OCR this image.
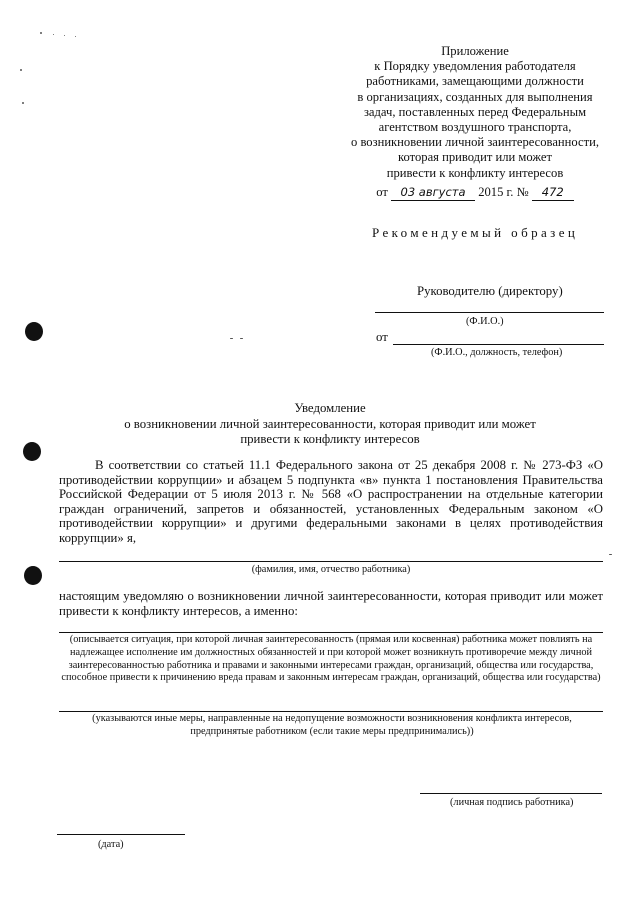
Приложение
к Порядку уведомления работодателя
работниками, замещающими должности
в организациях, созданных для выполнения
задач, поставленных перед Федеральным
агентством воздушного транспорта,
о возникновении личной заинтересованности,
которая приводит или может
привести к конфликту интересов
от 03 августа 2015 г. № 472
Рекомендуемый образец
Руководителю (директору)
(Ф.И.О.)
от
(Ф.И.О., должность, телефон)
Уведомление
о возникновении личной заинтересованности, которая приводит или может
привести к конфликту интересов
В соответствии со статьей 11.1 Федерального закона от 25 декабря 2008 г. № 273-ФЗ «О противодействии коррупции» и абзацем 5 подпункта «в» пункта 1 постановления Правительства Российской Федерации от 5 июля 2013 г. № 568 «О распространении на отдельные категории граждан ограничений, запретов и обязанностей, установленных Федеральным законом «О противодействии коррупции» и другими федеральными законами в целях противодействия коррупции» я,
(фамилия, имя, отчество работника)
настоящим уведомляю о возникновении личной заинтересованности, которая приводит или может привести к конфликту интересов, а именно:
(описывается ситуация, при которой личная заинтересованность (прямая или косвенная) работника может повлиять на надлежащее исполнение им должностных обязанностей и при которой может возникнуть противоречие между личной заинтересованностью работника и правами и законными интересами граждан, организаций, общества или государства, способное привести к причинению вреда правам и законным интересам граждан, организаций, общества или государства)
(указываются иные меры, направленные на недопущение возможности возникновения конфликта интересов, предпринятые работником (если такие меры предпринимались))
(личная подпись работника)
(дата)
